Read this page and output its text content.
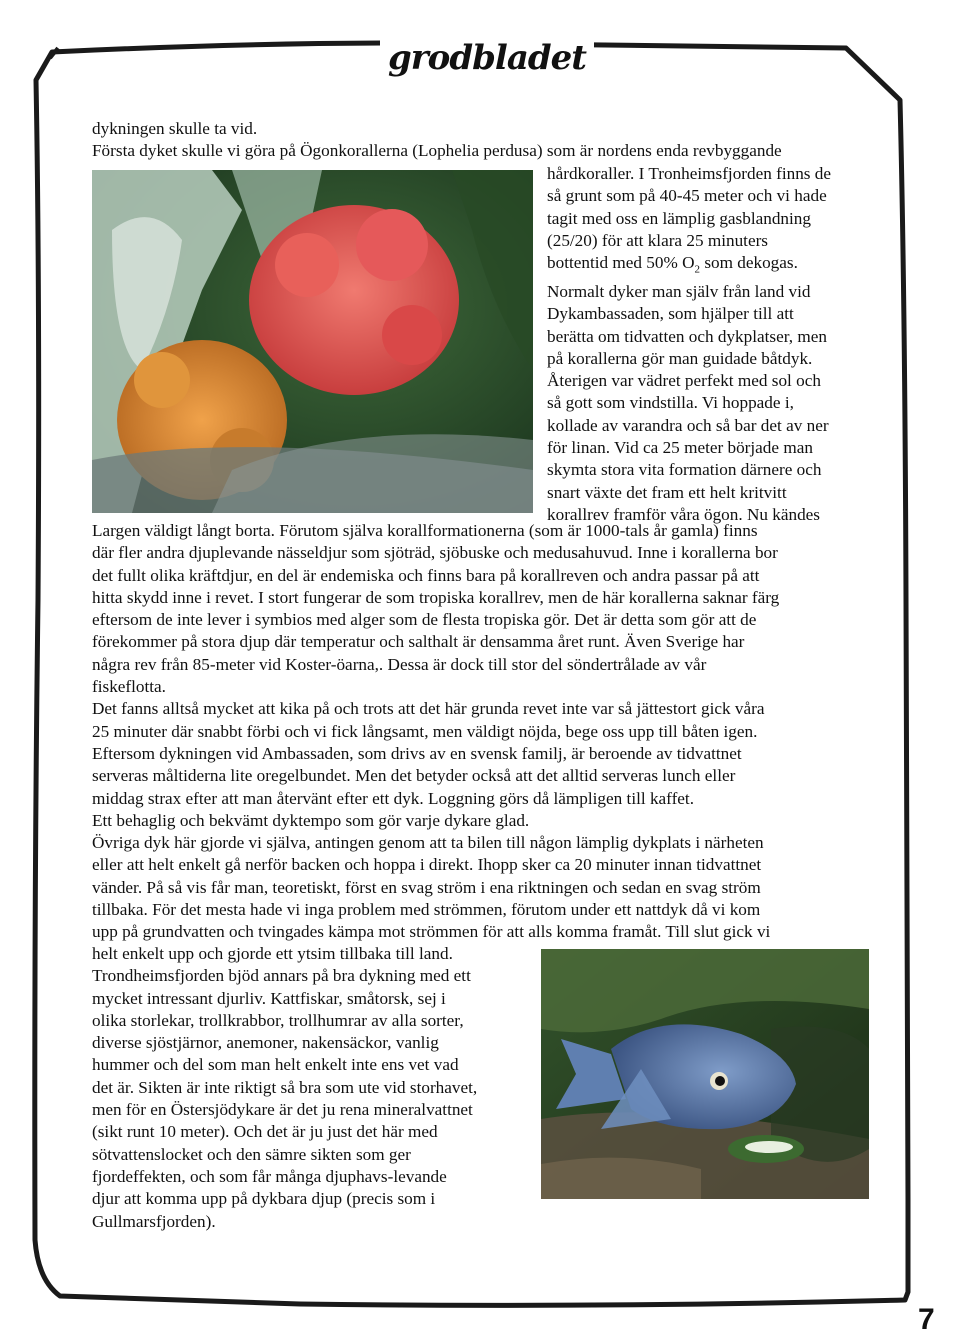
grodbladet
dykningen skulle ta vid.
Första dyket skulle vi göra på Ögonkorallerna (Lophelia perdusa) som är nordens enda revbyggande
hårdkoraller. I Tronheimsfjorden finns de
så grunt som på 40-45 meter och vi hade
tagit med oss en lämplig gasblandning
(25/20) för att klara 25 minuters
bottentid med 50% $O_2$ som dekogas.
Normalt dyker man själv från land vid
Dykambassaden, som hjälper till att
berätta om tidvatten och dykplatser, men
på korallerna gör man guidade båtdyk.
Återigen var vädret perfekt med sol och
så gott som vindstilla. Vi hoppade i,
kollade av varandra och så bar det av ner
för linan. Vid ca 25 meter började man
skymta stora vita formation därnere och
snart växte det fram ett helt kritvitt
korallrev framför våra ögon. Nu kändes
Largen väldigt långt borta. Förutom själva korallformationerna (som är 1000-tals år gamla) finns
där fler andra djuplevande nässeldjur som sjöträd, sjöbuske och medusahuvud. Inne i korallerna bor
det fullt olika kräftdjur, en del är endemiska och finns bara på korallreven och andra passar på att
hitta skydd inne i revet. I stort fungerar de som tropiska korallrev, men de här korallerna saknar färg
eftersom de inte lever i symbios med alger som de flesta tropiska gör. Det är detta som gör att de
förekommer på stora djup där temperatur och salthalt är densamma året runt. Även Sverige har
några rev från 85-meter vid Koster-öarna,. Dessa är dock till stor del söndertrålade av vår
fiskeflotta.
Det fanns alltså mycket att kika på och trots att det här grunda revet inte var så jättestort gick våra
25 minuter där snabbt förbi och vi fick långsamt, men väldigt nöjda, bege oss upp till båten igen.
Eftersom dykningen vid Ambassaden, som drivs av en svensk familj, är beroende av tidvattnet
serveras måltiderna lite oregelbundet. Men det betyder också att det alltid serveras lunch eller
middag strax efter att man återvänt efter ett dyk. Loggning görs då lämpligen till kaffet.
Ett behaglig och bekvämt dyktempo som gör varje dykare glad.
Övriga dyk här gjorde vi själva, antingen genom att ta bilen till någon lämplig dykplats i närheten
eller att helt enkelt gå nerför backen och hoppa i direkt. Ihopp sker ca 20 minuter innan tidvattnet
vänder. På så vis får man, teoretiskt, först en svag ström i ena riktningen och sedan en svag ström
tillbaka. För det mesta hade vi inga problem med strömmen, förutom under ett nattdyk då vi kom
upp på grundvatten och tvingades kämpa mot strömmen för att alls komma framåt. Till slut gick vi
helt enkelt upp och gjorde ett ytsim tillbaka till land.
Trondheimsfjorden bjöd annars på bra dykning med ett
mycket intressant djurliv. Kattfiskar, småtorsk, sej i
olika storlekar, trollkrabbor, trollhumrar av alla sorter,
diverse sjöstjärnor, anemoner, nakensäckor, vanlig
hummer och del som man helt enkelt inte ens vet vad
det är. Sikten är inte riktigt så bra som ute vid storhavet,
men för en Östersjödykare är det ju rena mineralvattnet
(sikt runt 10 meter). Och det är ju just det här med
sötvattenslocket och den sämre sikten som ger
fjordeffekten, och som får många djuphavs-levande
djur att komma upp på dykbara djup (precis som i
Gullmarsfjorden).
7
